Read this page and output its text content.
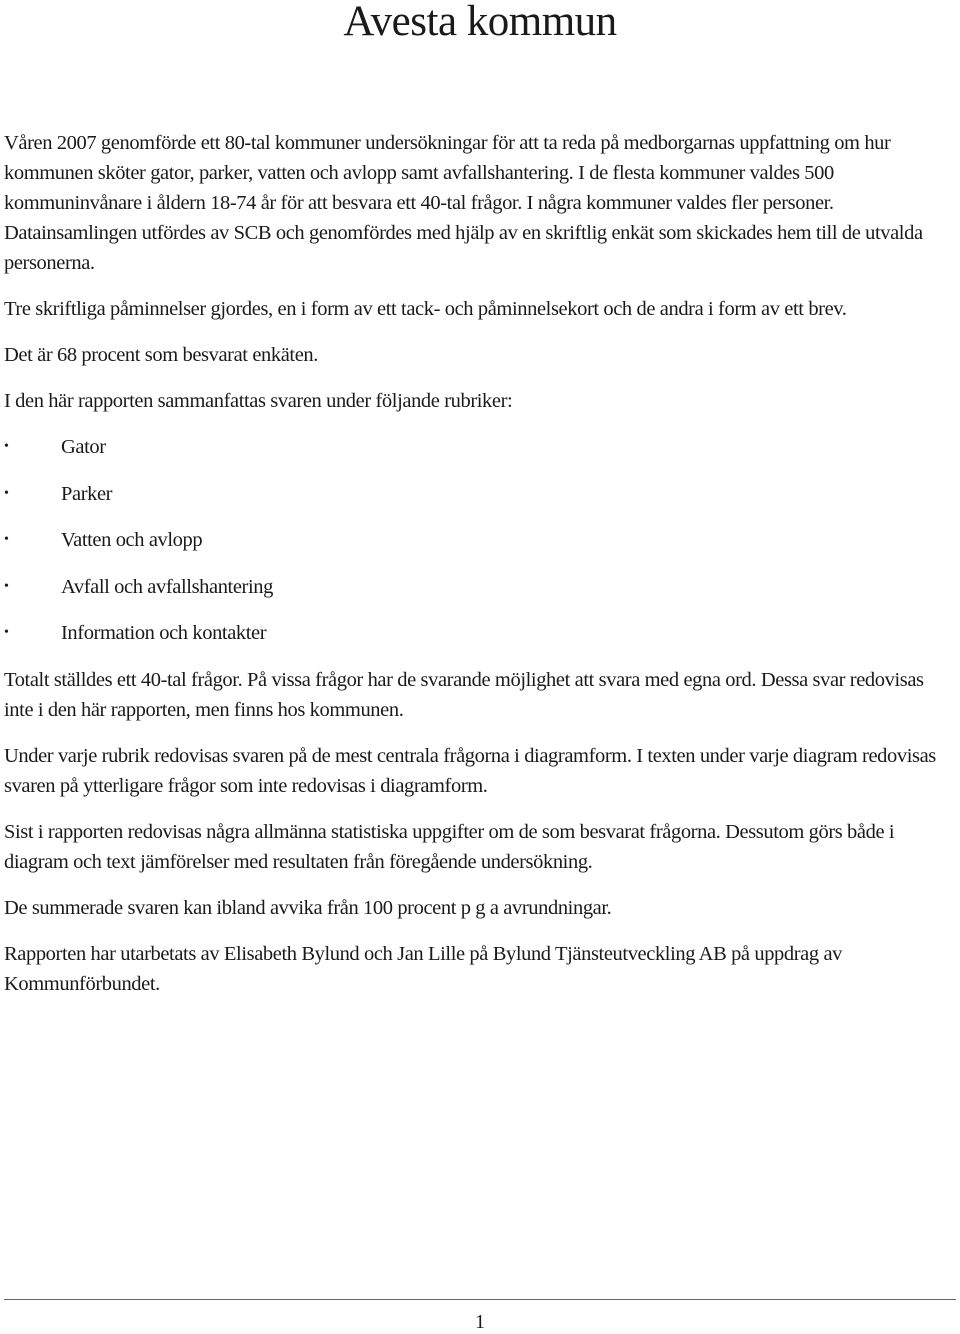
Avesta kommun

Våren 2007 genomförde ett 80-tal kommuner undersökningar för att ta reda på medborgarnas uppfattning om hur kommunen sköter gator, parker, vatten och avlopp samt avfallshantering. I de flesta kommuner valdes 500 kommuninvånare i åldern 18-74 år för att besvara ett 40-tal frågor. I några kommuner valdes fler personer. Datainsamlingen utfördes av SCB och genomfördes med hjälp av en skriftlig enkät som skickades hem till de utvalda personerna.

Tre skriftliga påminnelser gjordes, en i form av ett tack- och påminnelsekort och de andra i form av ett brev.

Det är 68 procent som besvarat enkäten.

I den här rapporten sammanfattas svaren under följande rubriker:

•	Gator
•	Parker
•	Vatten och avlopp
•	Avfall och avfallshantering
•	Information och kontakter

Totalt ställdes ett 40-tal frågor. På vissa frågor har de svarande möjlighet att svara med egna ord. Dessa svar redovisas inte i den här rapporten, men finns hos kommunen.

Under varje rubrik redovisas svaren på de mest centrala frågorna i diagramform. I texten under varje diagram redovisas svaren på ytterligare frågor som inte redovisas i diagramform.

Sist i rapporten redovisas några allmänna statistiska uppgifter om de som besvarat frågorna. Dessutom görs både i diagram och text jämförelser med resultaten från föregående undersökning.

De summerade svaren kan ibland avvika från 100 procent p g a avrundningar.

Rapporten har utarbetats av Elisabeth Bylund och Jan Lille på Bylund Tjänsteutveckling AB på uppdrag av Kommunförbundet.

1
